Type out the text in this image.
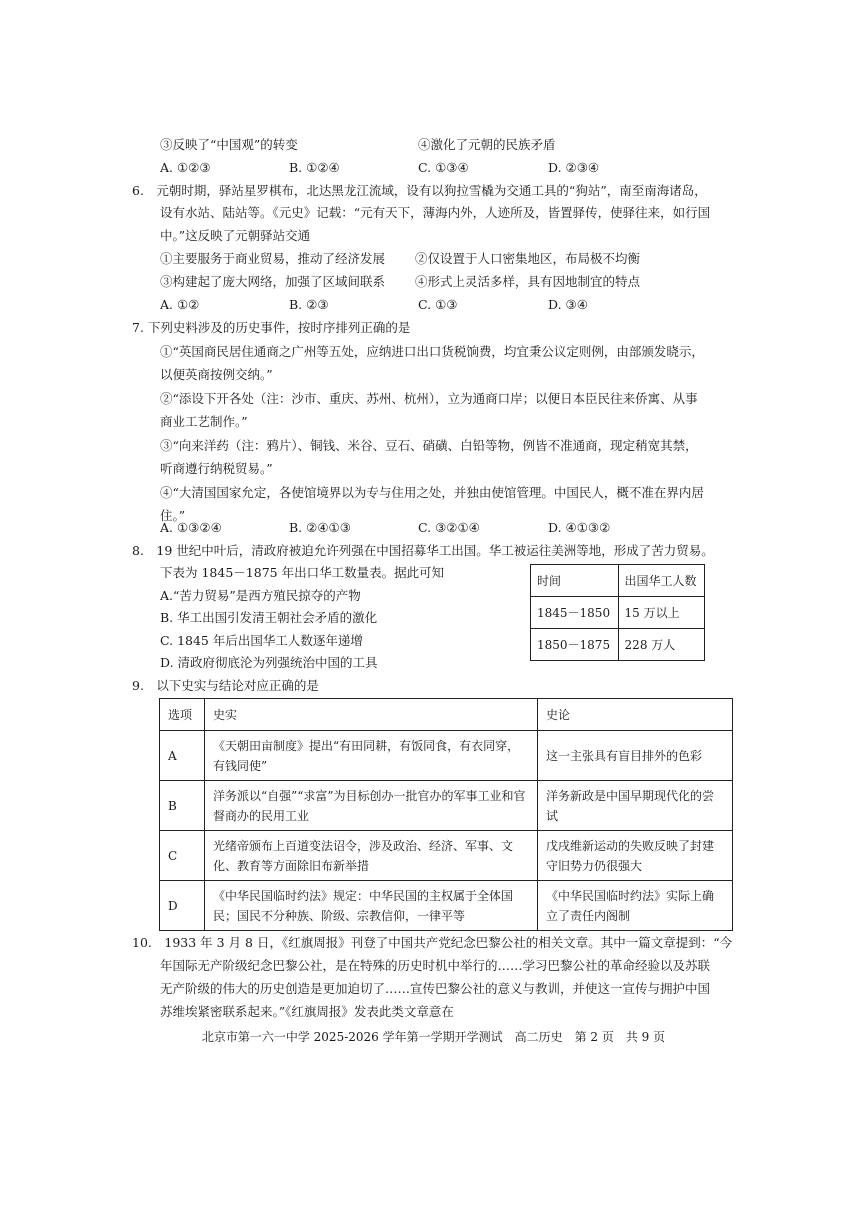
③反映了“中国观”的转变	④激化了元朝的民族矛盾
A. ①②③	B. ①②④	C. ①③④	D. ②③④
6.　元朝时期，驿站星罗棋布，北达黑龙江流域，设有以狗拉雪橇为交通工具的“狗站”，南至南海诸岛，
设有水站、陆站等。《元史》记载：“元有天下，薄海内外，人迹所及，皆置驿传，使驿往来，如行国
中。”这反映了元朝驿站交通
①主要服务于商业贸易，推动了经济发展 ②仅设置于人口密集地区，布局极不均衡
③构建起了庞大网络，加强了区域间联系 ④形式上灵活多样，具有因地制宜的特点
A. ①②	B. ②③	C. ①③	D. ③④
7. 下列史料涉及的历史事件，按时序排列正确的是
①“英国商民居住通商之广州等五处，应纳进口出口货税饷费，均宜秉公议定则例，由部颁发晓示，
以便英商按例交纳。”
②“添设下开各处（注：沙市、重庆、苏州、杭州），立为通商口岸；以便日本臣民往来侨寓、从事
商业工艺制作。”
③“向来洋药（注：鸦片）、铜钱、米谷、豆石、硝磺、白铅等物，例皆不准通商，现定稍宽其禁，
听商遵行纳税贸易。”
④“大清国国家允定，各使馆境界以为专与住用之处，并独由使馆管理。中国民人，概不准在界内居
住。”
A. ①③②④	B. ②④①③	C. ③②①④	D. ④①③②
8.　19 世纪中叶后，清政府被迫允许列强在中国招募华工出国。华工被运往美洲等地，形成了苦力贸易。
下表为 1845－1875 年出口华工数量表。据此可知
A.“苦力贸易”是西方殖民掠夺的产物
B. 华工出国引发清王朝社会矛盾的激化
C. 1845 年后出国华工人数逐年递增
D. 清政府彻底沦为列强统治中国的工具
时间	出国华工人数
1845－1850	15 万以上
1850－1875	228 万人
9.　以下史实与结论对应正确的是
选项	史实	史论
A	《天朝田亩制度》提出“有田同耕，有饭同食，有衣同穿，有钱同使”	这一主张具有盲目排外的色彩
B	洋务派以“自强”“求富”为目标创办一批官办的军事工业和官督商办的民用工业	洋务新政是中国早期现代化的尝试
C	光绪帝颁布上百道变法诏令，涉及政治、经济、军事、文化、教育等方面除旧布新举措	戊戌维新运动的失败反映了封建守旧势力仍很强大
D	《中华民国临时约法》规定：中华民国的主权属于全体国民；国民不分种族、阶级、宗教信仰，一律平等	《中华民国临时约法》实际上确立了责任内阁制
10.　1933 年 3 月 8 日，《红旗周报》刊登了中国共产党纪念巴黎公社的相关文章。其中一篇文章提到：“今
年国际无产阶级纪念巴黎公社，是在特殊的历史时机中举行的……学习巴黎公社的革命经验以及苏联
无产阶级的伟大的历史创造是更加迫切了……宣传巴黎公社的意义与教训，并使这一宣传与拥护中国
苏维埃紧密联系起来。”《红旗周报》发表此类文章意在
北京市第一六一中学 2025-2026 学年第一学期开学测试　高二历史　第 2 页　共 9 页
